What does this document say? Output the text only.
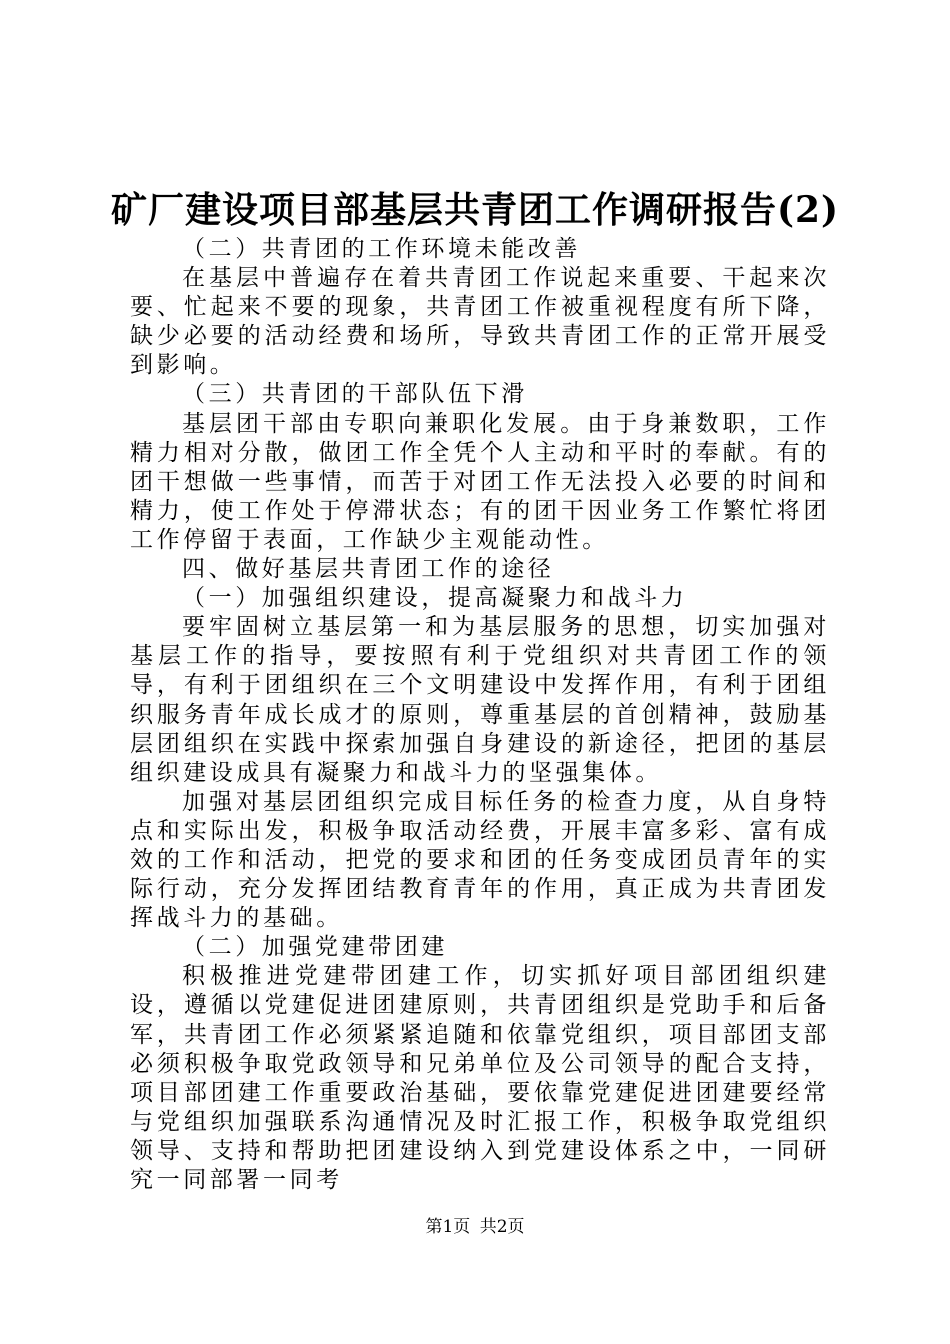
矿厂建设项目部基层共青团工作调研报告(2)

（二）共青团的工作环境未能改善

在基层中普遍存在着共青团工作说起来重要、干起来次要、忙起来不要的现象，共青团工作被重视程度有所下降，缺少必要的活动经费和场所，导致共青团工作的正常开展受到影响。

（三）共青团的干部队伍下滑

基层团干部由专职向兼职化发展。由于身兼数职，工作精力相对分散，做团工作全凭个人主动和平时的奉献。有的团干想做一些事情，而苦于对团工作无法投入必要的时间和精力，使工作处于停滞状态；有的团干因业务工作繁忙将团工作停留于表面，工作缺少主观能动性。

四、做好基层共青团工作的途径

（一）加强组织建设，提高凝聚力和战斗力

要牢固树立基层第一和为基层服务的思想，切实加强对基层工作的指导，要按照有利于党组织对共青团工作的领导，有利于团组织在三个文明建设中发挥作用，有利于团组织服务青年成长成才的原则，尊重基层的首创精神，鼓励基层团组织在实践中探索加强自身建设的新途径，把团的基层组织建设成具有凝聚力和战斗力的坚强集体。

加强对基层团组织完成目标任务的检查力度，从自身特点和实际出发，积极争取活动经费，开展丰富多彩、富有成效的工作和活动，把党的要求和团的任务变成团员青年的实际行动，充分发挥团结教育青年的作用，真正成为共青团发挥战斗力的基础。

（二）加强党建带团建

积极推进党建带团建工作，切实抓好项目部团组织建设，遵循以党建促进团建原则，共青团组织是党助手和后备军，共青团工作必须紧紧追随和依靠党组织，项目部团支部必须积极争取党政领导和兄弟单位及公司领导的配合支持，项目部团建工作重要政治基础，要依靠党建促进团建要经常与党组织加强联系沟通情况及时汇报工作，积极争取党组织领导、支持和帮助把团建设纳入到党建设体系之中，一同研究一同部署一同考

第1页 共2页
